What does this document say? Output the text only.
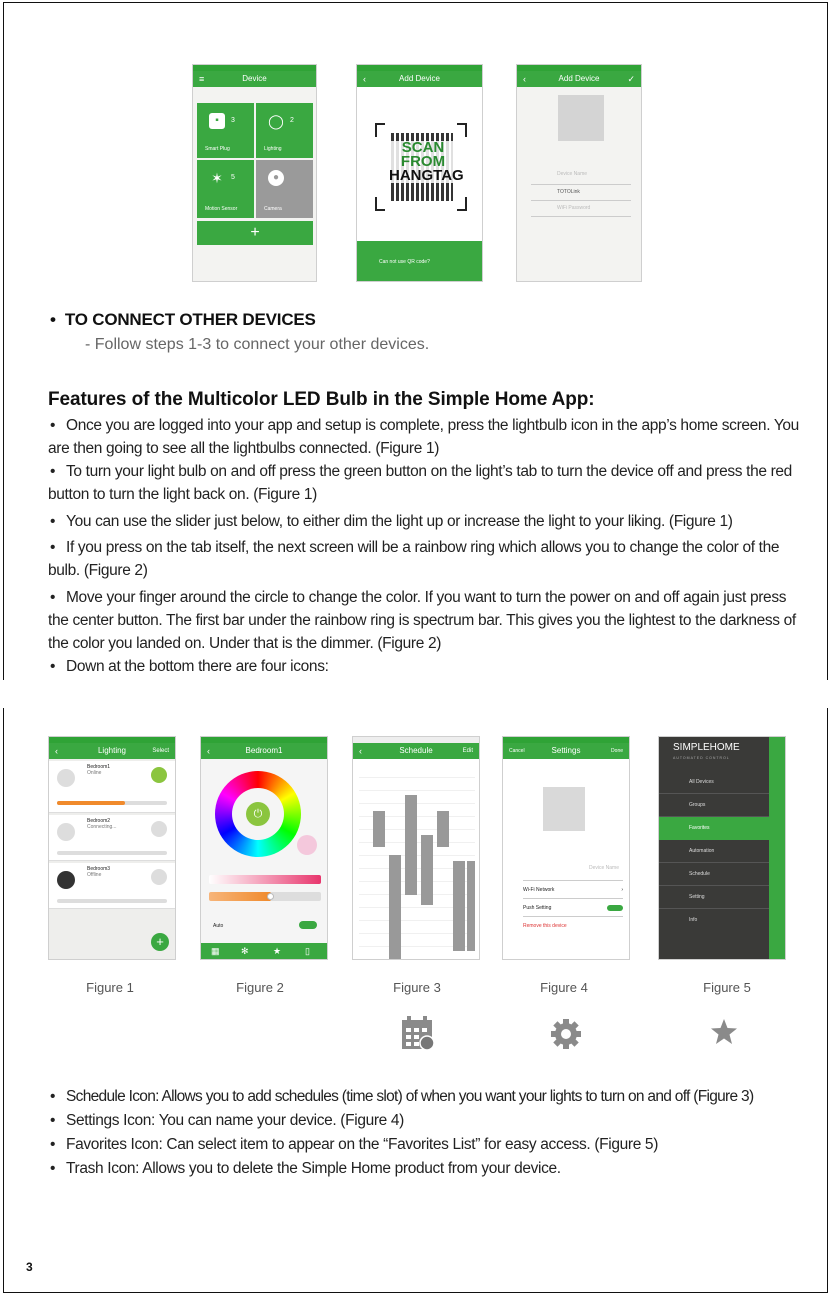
≡	Device
▪	3
Smart Plug
◯ 2
Lighting
✶	5
Motion Sensor
●
Camera
+
‹	Add Device
SCAN
FROM
HANGTAG
Can not use QR code?
‹	Add Device	✓
Device Name
TOTOLink
WiFi Password
• TO CONNECT OTHER DEVICES
- Follow steps 1-3 to connect your other devices.
Features of the Multicolor LED Bulb in the Simple Home App:
• Once you are logged into your app and setup is complete, press the lightbulb icon in the app’s home screen. You are then going to see all the lightbulbs connected. (Figure 1)
• To turn your light bulb on and off press the green button on the light’s tab to turn the device off and press the red button to turn the light back on. (Figure 1)
• You can use the slider just below, to either dim the light up or increase the light to your liking. (Figure 1)
• If you press on the tab itself, the next screen will be a rainbow ring which allows you to change the color of the bulb. (Figure 2)
• Move your finger around the circle to change the color. If you want to turn the power on and off again just press the center button. The first bar under the rainbow ring is spectrum bar. This gives you the lightest to the darkness of the color you landed on. Under that is the dimmer. (Figure 2)
• Down at the bottom there are four icons:
‹	Lighting	Select
Bedroom1
Online
Bedroom2
Connecting...
Bedroom3
Offline
+
‹	Bedroom1
⏻
Auto
▦ ✻	★	▯
‹	Schedule	Edit	Cancel	Settings	Done
Device Name
Wi-Fi Network	›
Push Setting
Remove this device
SIMPLEHOME
AUTOMATED CONTROL
All Devices
Groups
Favorites
Automation
Schedule
Setting
Info
Figure 1	Figure 2	Figure 3	Figure 4	Figure 5
• Schedule Icon: Allows you to add schedules (time slot) of when you want your lights to turn on and off (Figure 3)
• Settings Icon: You can name your device. (Figure 4)
• Favorites Icon: Can select item to appear on the “Favorites List” for easy access. (Figure 5)
• Trash Icon: Allows you to delete the Simple Home product from your device.
3
